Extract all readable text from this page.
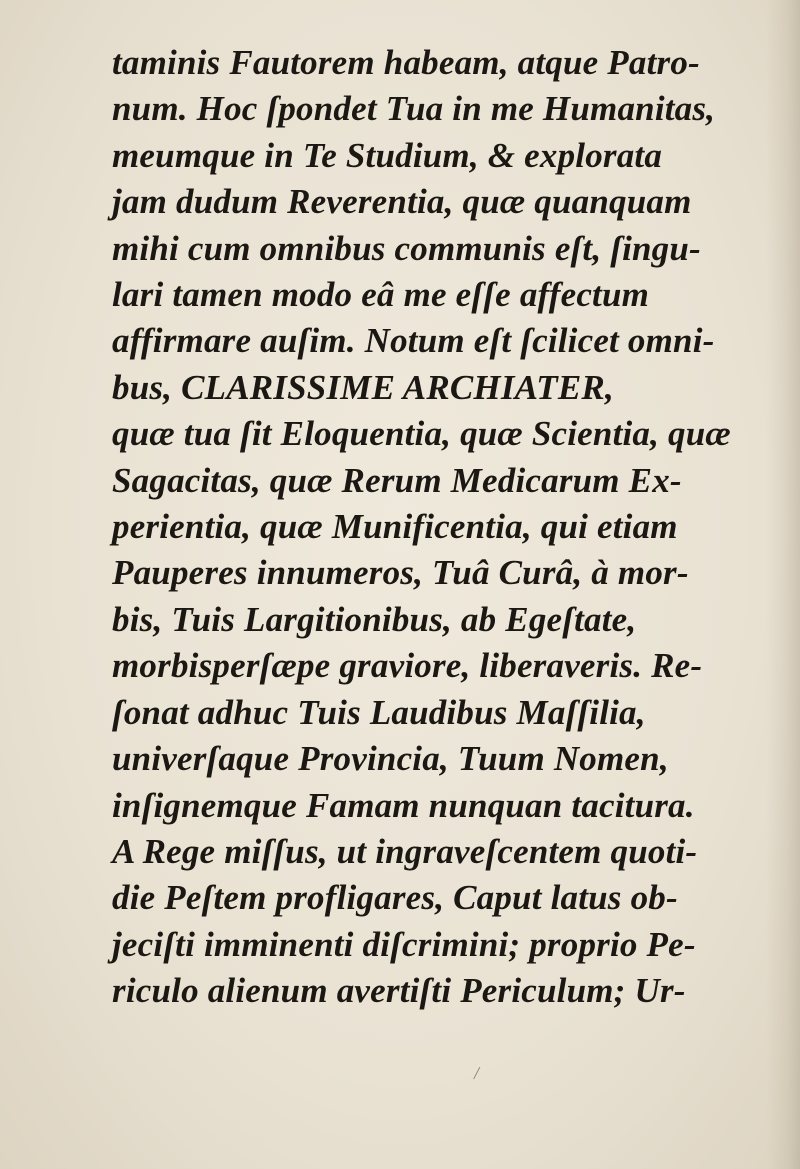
taminis Fautorem habeam, atque Patro-
num. Hoc ſpondet Tua in me Humanitas,
meumque in Te Studium, & explorata
jam dudum Reverentia, quæ quanquam
mihi cum omnibus communis eſt, ſingu-
lari tamen modo eâ me eſſe affectum
affirmare auſim. Notum eſt ſcilicet omni-
bus, CLARISSIME ARCHIATER,
quæ tua ſit Eloquentia, quæ Scientia, quæ
Sagacitas, quæ Rerum Medicarum Ex-
perientia, quæ Munificentia, qui etiam
Pauperes innumeros, Tuâ Curâ, à mor-
bis, Tuis Largitionibus, ab Egeſtate,
morbisperſæpe graviore, liberaveris. Re-
ſonat adhuc Tuis Laudibus Maſſilia,
univerſaque Provincia, Tuum Nomen,
inſignemque Famam nunquan tacitura.
A Rege miſſus, ut ingraveſcentem quoti-
die Peſtem profligares, Caput latus ob-
jeciſti imminenti diſcrimini; proprio Pe-
riculo alienum avertiſti Periculum; Ur-
/
